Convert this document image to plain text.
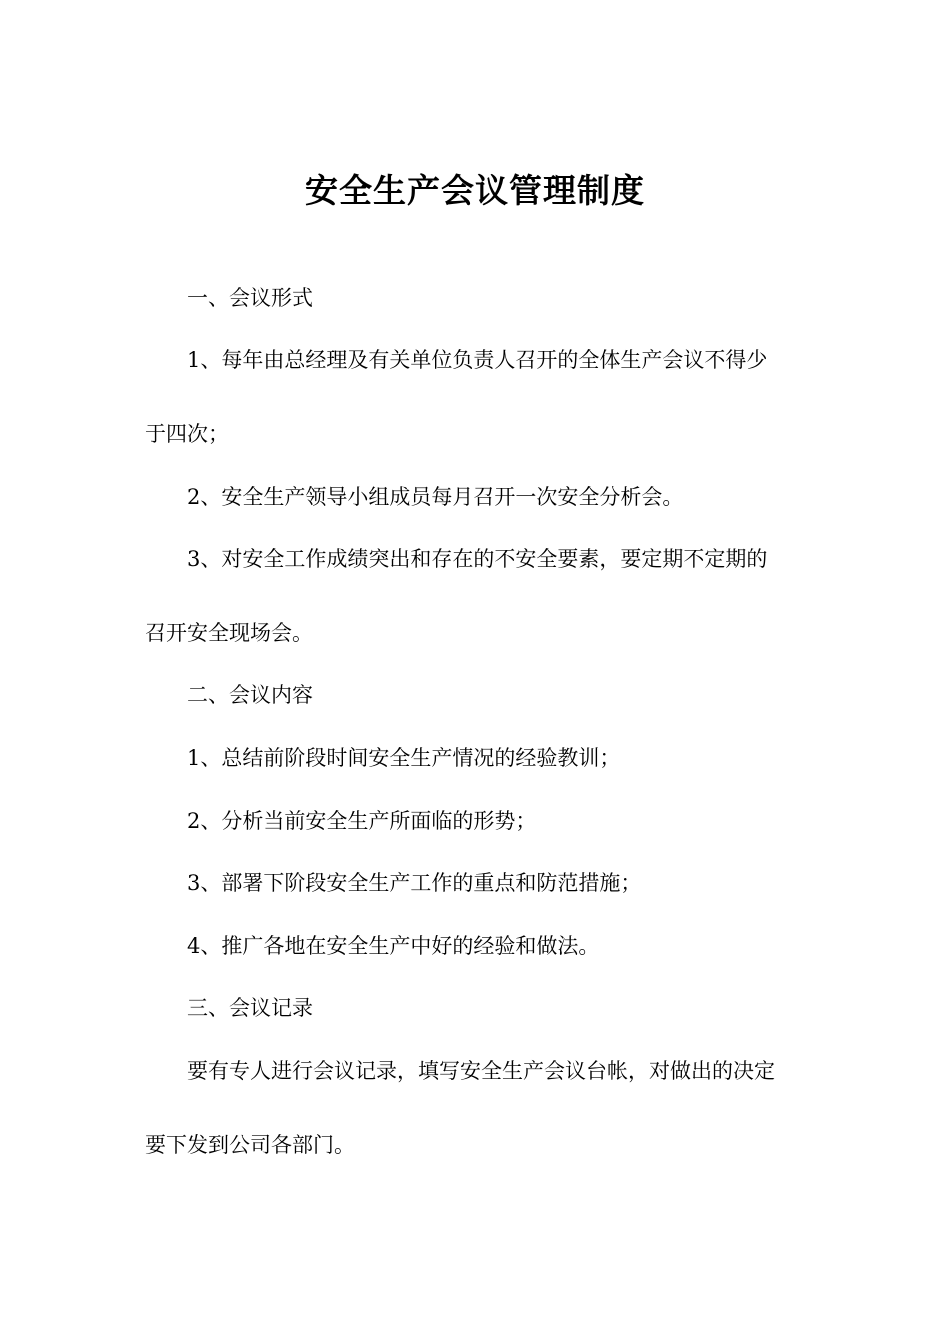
安全生产会议管理制度

一、会议形式

1、每年由总经理及有关单位负责人召开的全体生产会议不得少

于四次；

2、安全生产领导小组成员每月召开一次安全分析会。

3、对安全工作成绩突出和存在的不安全要素，要定期不定期的

召开安全现场会。

二、会议内容

1、总结前阶段时间安全生产情况的经验教训；

2、分析当前安全生产所面临的形势；

3、部署下阶段安全生产工作的重点和防范措施；

4、推广各地在安全生产中好的经验和做法。

三、会议记录

要有专人进行会议记录，填写安全生产会议台帐，对做出的决定

要下发到公司各部门。
